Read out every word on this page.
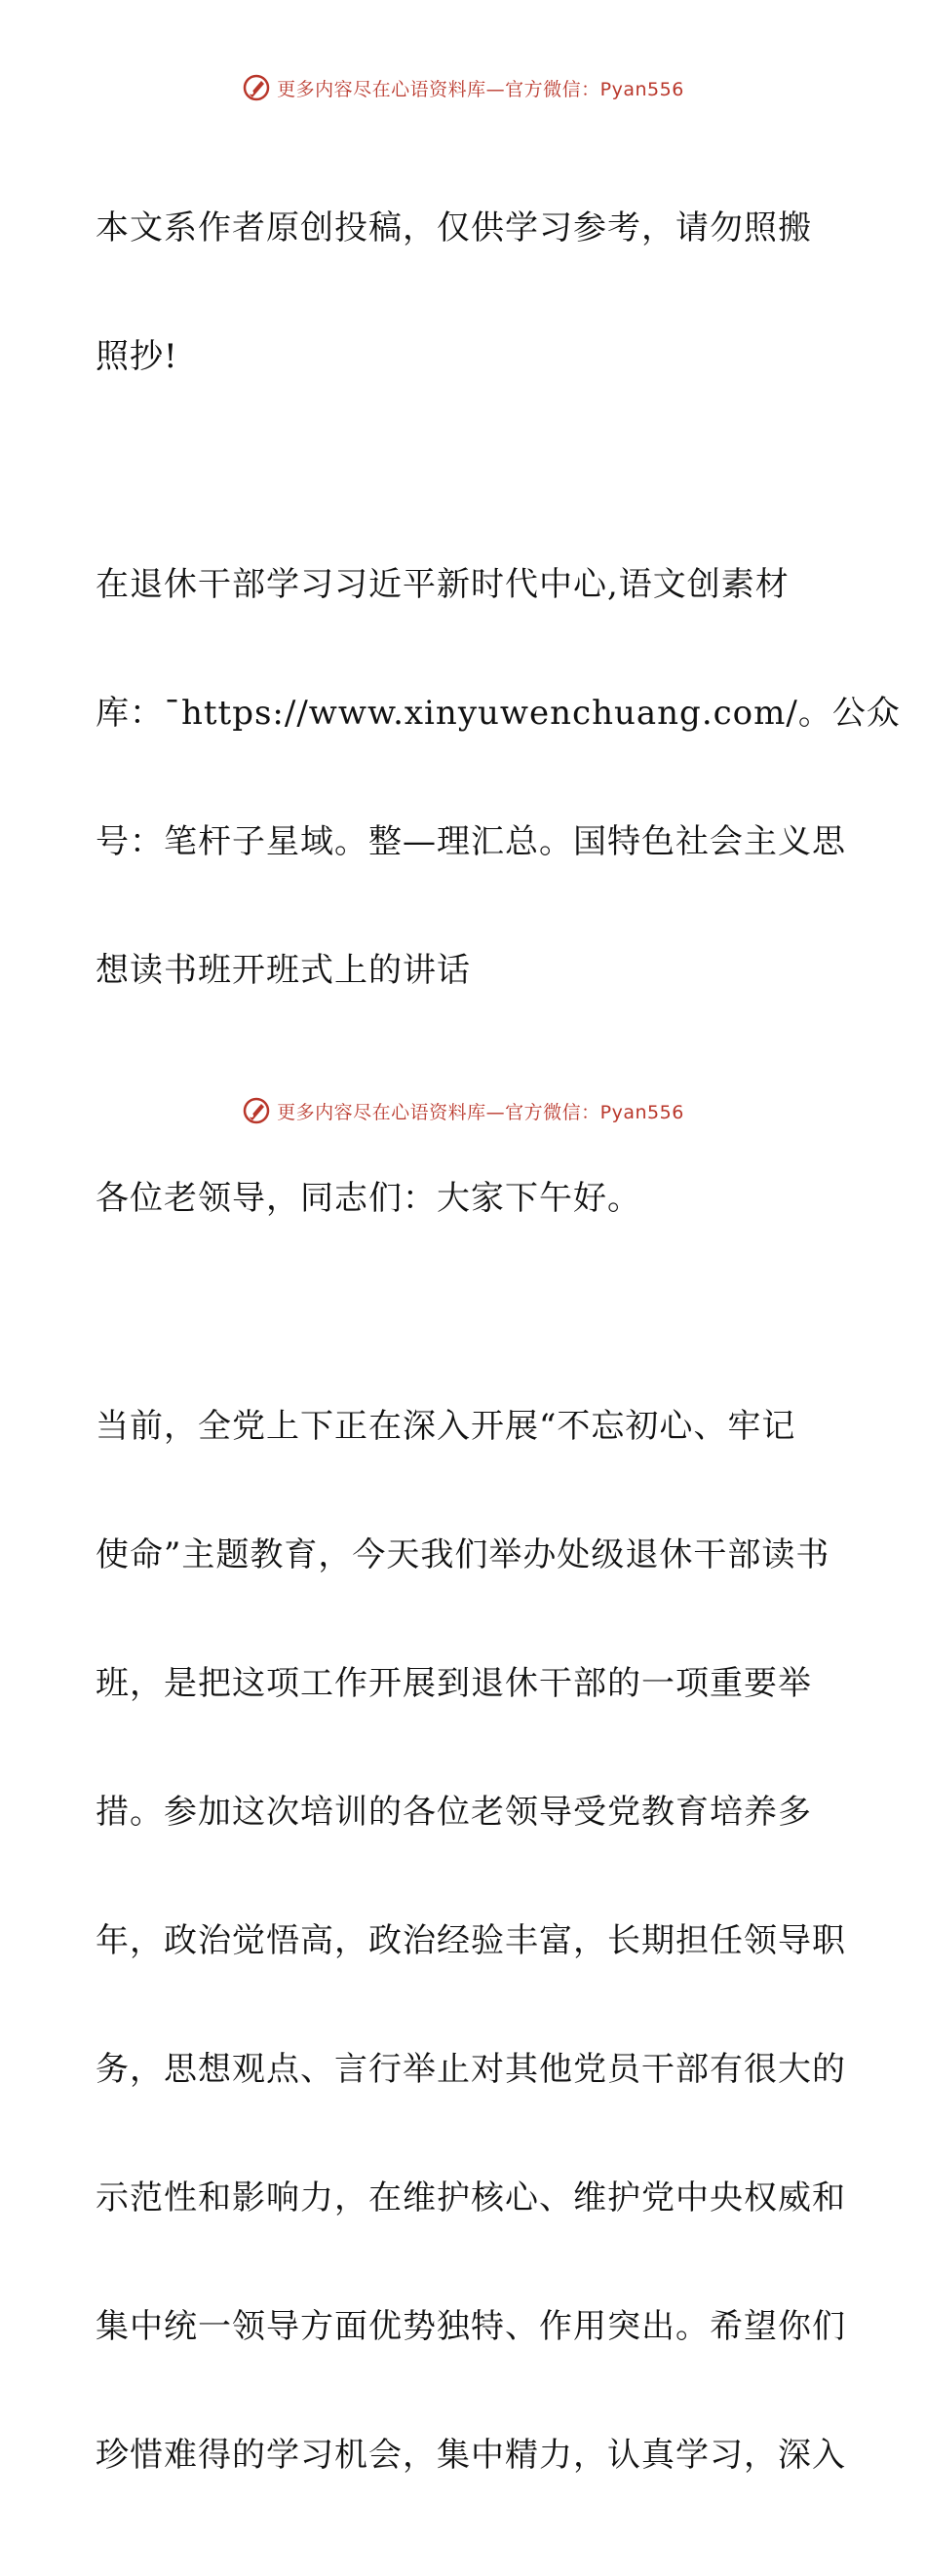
更多内容尽在心语资料库—官方微信：Pyan556

本文系作者原创投稿，仅供学习参考，请勿照搬

照抄!

在退休干部学习习近平新时代中心,语文创素材

库：¯https://www.xinyuwenchuang.com/。公众

号：笔杆子星域。整—理汇总。国特色社会主义思

想读书班开班式上的讲话

各位老领导，同志们：大家下午好。

当前，全党上下正在深入开展“不忘初心、牢记

使命”主题教育，今天我们举办处级退休干部读书

班，是把这项工作开展到退休干部的一项重要举

措。参加这次培训的各位老领导受党教育培养多

年，政治觉悟高，政治经验丰富，长期担任领导职

务，思想观点、言行举止对其他党员干部有很大的

示范性和影响力，在维护核心、维护党中央权威和

集中统一领导方面优势独特、作用突出。希望你们

珍惜难得的学习机会，集中精力，认真学习，深入

更多内容尽在心语资料库—官方微信：Pyan556
